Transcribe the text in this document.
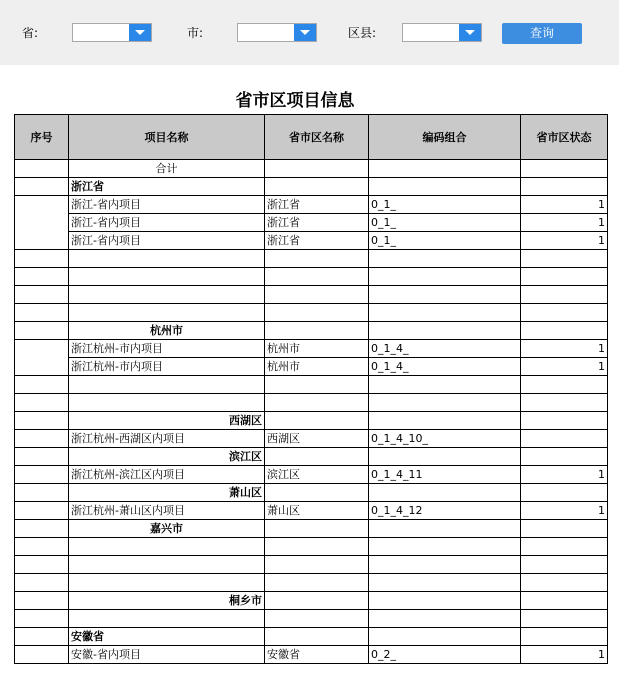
省:	市:	区县:	查询
省市区项目信息
序号	项目名称	省市区名称	编码组合	省市区状态
	合计			
	浙江省			
	浙江-省内项目	浙江省	0_1_	1
	浙江-省内项目	浙江省	0_1_	1
	浙江-省内项目	浙江省	0_1_	1

	杭州市			
	浙江杭州-市内项目	杭州市	0_1_4_	1
	浙江杭州-市内项目	杭州市	0_1_4_	1

	西湖区			
	浙江杭州-西湖区内项目	西湖区	0_1_4_10_	
	滨江区			
	浙江杭州-滨江区内项目	滨江区	0_1_4_11	1
	萧山区			
	浙江杭州-萧山区内项目	萧山区	0_1_4_12	1
	嘉兴市			

	桐乡市			

	安徽省			
	安徽-省内项目	安徽省	0_2_	1
